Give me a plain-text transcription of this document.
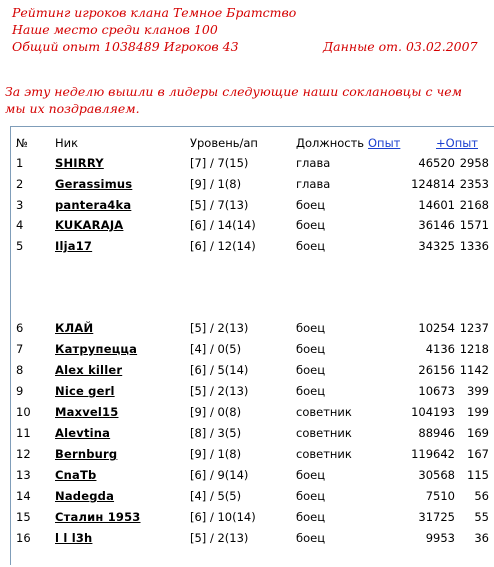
Рейтинг игроков клана Темное Братство
Наше место среди кланов 100
Общий опыт 1038489 Игроков 43	Данные от. 03.02.2007
За эту неделю вышли в лидеры следующие наши соклановцы с чем мы их поздравляем.
№ Ник	Уровень/ап	Должность Опыт	+Опыт
1	SHIRRY	[7] / 7(15)	глава	46520 2958
2	Gerassimus	[9] / 1(8)	глава	124814 2353
3	pantera4ka	[5] / 7(13)	боец	14601 2168
4	KUKARAJA	[6] / 14(14)	боец	36146 1571
5	Ilja17	[6] / 12(14)	боец	34325 1336
6	КЛАЙ	[5] / 2(13)	боец	10254 1237
7	Катрупецца	[4] / 0(5)	боец	4136 1218
8	Alex killer	[6] / 5(14)	боец	26156 1142
9	Nice gerl	[5] / 2(13)	боец	10673 399
10 Maxvel15	[9] / 0(8)	советник	104193 199
11 Alevtina	[8] / 3(5)	советник	88946 169
12 Bernburg	[9] / 1(8)	советник	119642 167
13 CnaTb	[6] / 9(14)	боец	30568 115
14 Nadegda	[4] / 5(5)	боец	7510 56
15 Сталин 1953	[6] / 10(14)	боец	31725 55
16 l l l3h	[5] / 2(13)	боец	9953 36
